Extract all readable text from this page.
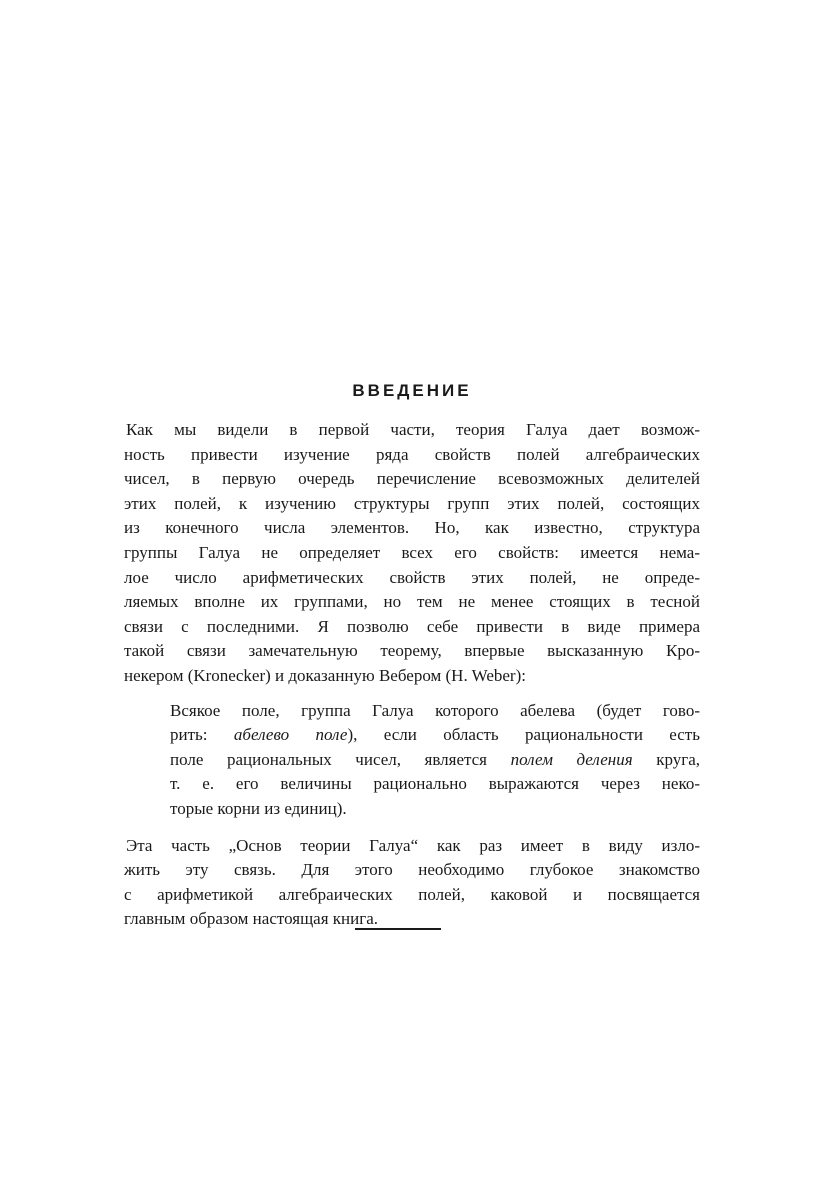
ВВЕДЕНИЕ
Как мы видели в первой части, теория Галуа дает возмож-
ность привести изучение ряда свойств полей алгебраических
чисел, в первую очередь перечисление всевозможных делителей
этих полей, к изучению структуры групп этих полей, состоящих
из конечного числа элементов. Но, как известно, структура
группы Галуа не определяет всех его свойств: имеется нема-
лое число арифметических свойств этих полей, не опреде-
ляемых вполне их группами, но тем не менее стоящих в тесной
связи с последними. Я позволю себе привести в виде примера
такой связи замечательную теорему, впервые высказанную Кро-
некером (Kronecker) и доказанную Вебером (H. Weber):
Всякое поле, группа Галуа которого абелева (будет гово-
рить: абелево поле), если область рациональности есть
поле рациональных чисел, является полем деления круга,
т. е. его величины рационально выражаются через неко-
торые корни из единиц).
Эта часть „Основ теории Галуа“ как раз имеет в виду изло-
жить эту связь. Для этого необходимо глубокое знакомство
с арифметикой алгебраических полей, каковой и посвящается
главным образом настоящая книга.
